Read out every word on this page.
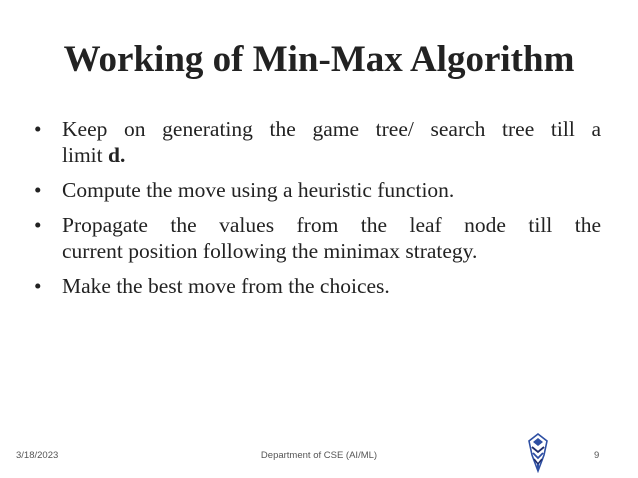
Working of Min-Max Algorithm
• Keep on generating the game tree/ search tree till a
limit d.
• Compute the move using a heuristic function.
• Propagate the values from the leaf node till the
current position following the minimax strategy.
• Make the best move from the choices.
3/18/2023	Department of CSE (AI/ML)	9
